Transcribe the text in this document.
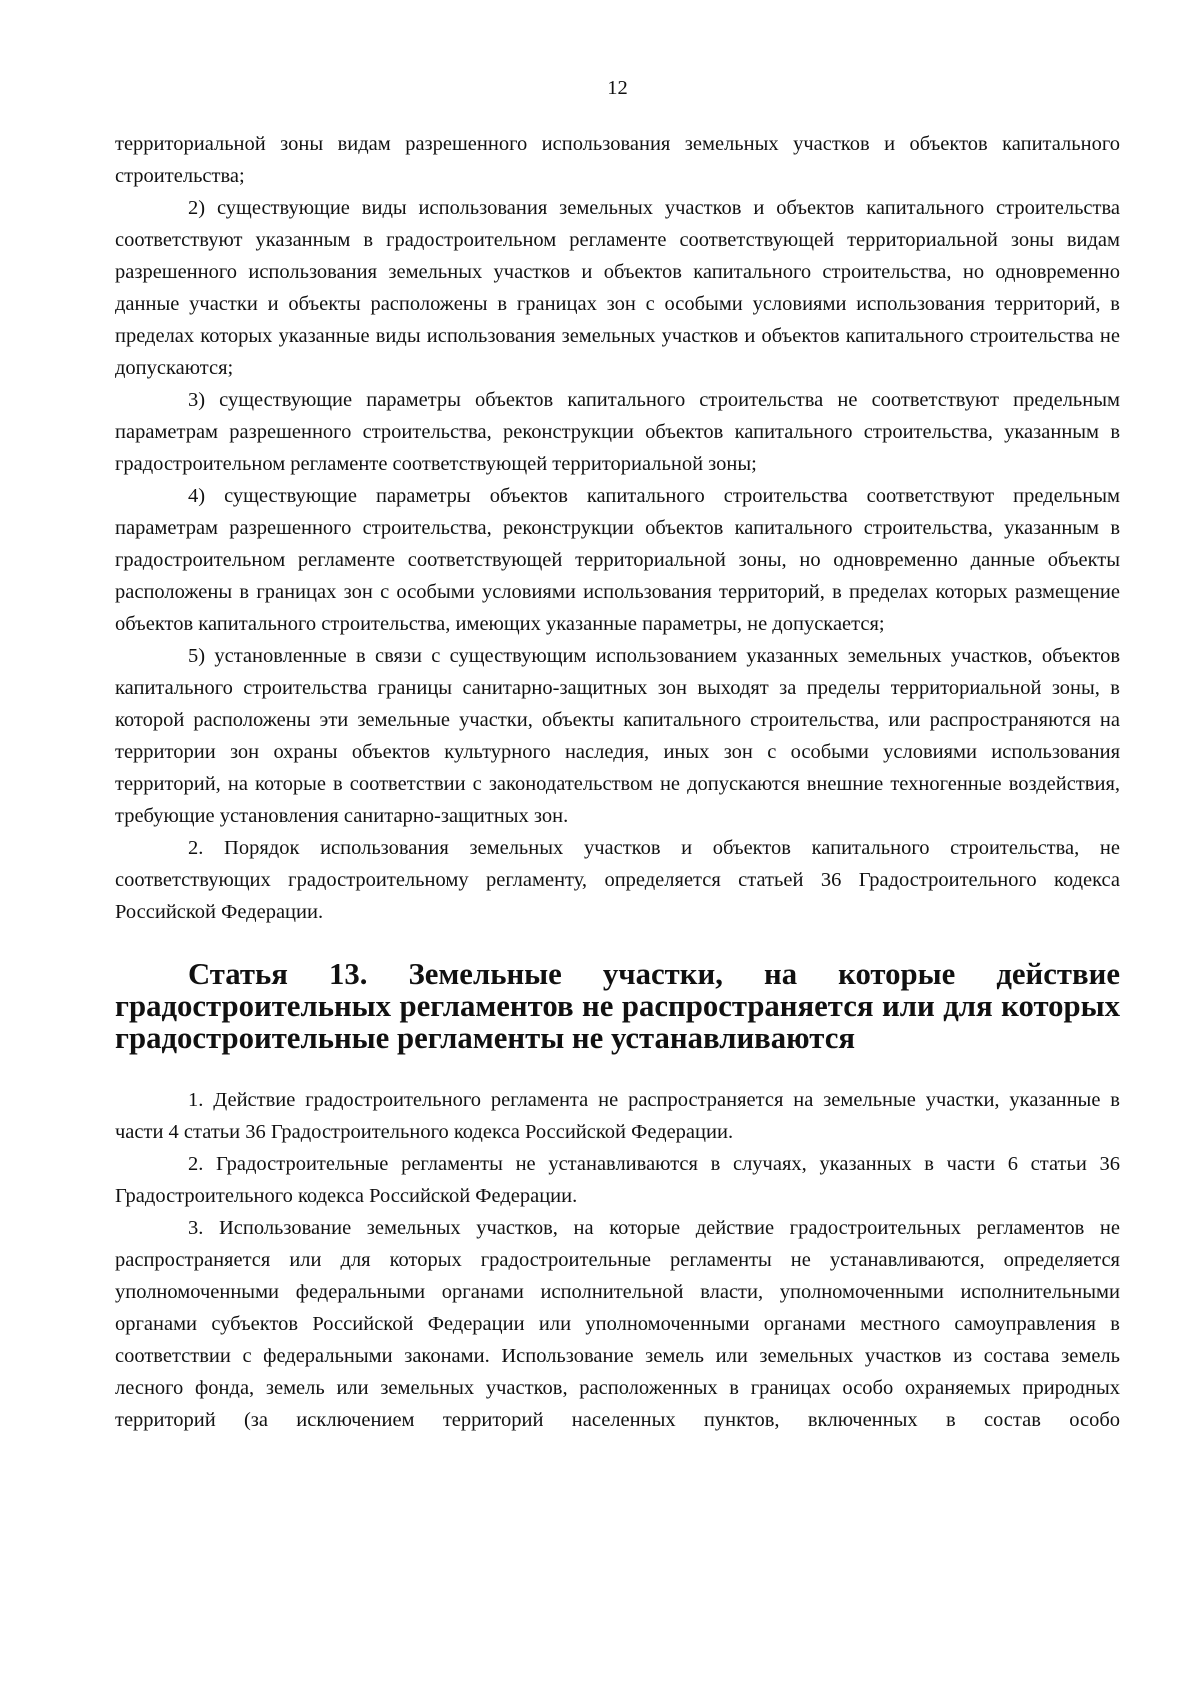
12

территориальной зоны видам разрешенного использования земельных участков и объектов капитального строительства;

2) существующие виды использования земельных участков и объектов капитального строительства соответствуют указанным в градостроительном регламенте соответствующей территориальной зоны видам разрешенного использования земельных участков и объектов капитального строительства, но одновременно данные участки и объекты расположены в границах зон с особыми условиями использования территорий, в пределах которых указанные виды использования земельных участков и объектов капитального строительства не допускаются;

3) существующие параметры объектов капитального строительства не соответствуют предельным параметрам разрешенного строительства, реконструкции объектов капитального строительства, указанным в градостроительном регламенте соответствующей территориальной зоны;

4) существующие параметры объектов капитального строительства соответствуют предельным параметрам разрешенного строительства, реконструкции объектов капитального строительства, указанным в градостроительном регламенте соответствующей территориальной зоны, но одновременно данные объекты расположены в границах зон с особыми условиями использования территорий, в пределах которых размещение объектов капитального строительства, имеющих указанные параметры, не допускается;

5) установленные в связи с существующим использованием указанных земельных участков, объектов капитального строительства границы санитарно-защитных зон выходят за пределы территориальной зоны, в которой расположены эти земельные участки, объекты капитального строительства, или распространяются на территории зон охраны объектов культурного наследия, иных зон с особыми условиями использования территорий, на которые в соответствии с законодательством не допускаются внешние техногенные воздействия, требующие установления санитарно-защитных зон.

2. Порядок использования земельных участков и объектов капитального строительства, не соответствующих градостроительному регламенту, определяется статьей 36 Градостроительного кодекса Российской Федерации.

Статья 13. Земельные участки, на которые действие градостроительных регламентов не распространяется или для которых градостроительные регламенты не устанавливаются

1. Действие градостроительного регламента не распространяется на земельные участки, указанные в части 4 статьи 36 Градостроительного кодекса Российской Федерации.

2. Градостроительные регламенты не устанавливаются в случаях, указанных в части 6 статьи 36 Градостроительного кодекса Российской Федерации.

3. Использование земельных участков, на которые действие градостроительных регламентов не распространяется или для которых градостроительные регламенты не устанавливаются, определяется уполномоченными федеральными органами исполнительной власти, уполномоченными исполнительными органами субъектов Российской Федерации или уполномоченными органами местного самоуправления в соответствии с федеральными законами. Использование земель или земельных участков из состава земель лесного фонда, земель или земельных участков, расположенных в границах особо охраняемых природных территорий (за исключением территорий населенных пунктов, включенных в состав особо
